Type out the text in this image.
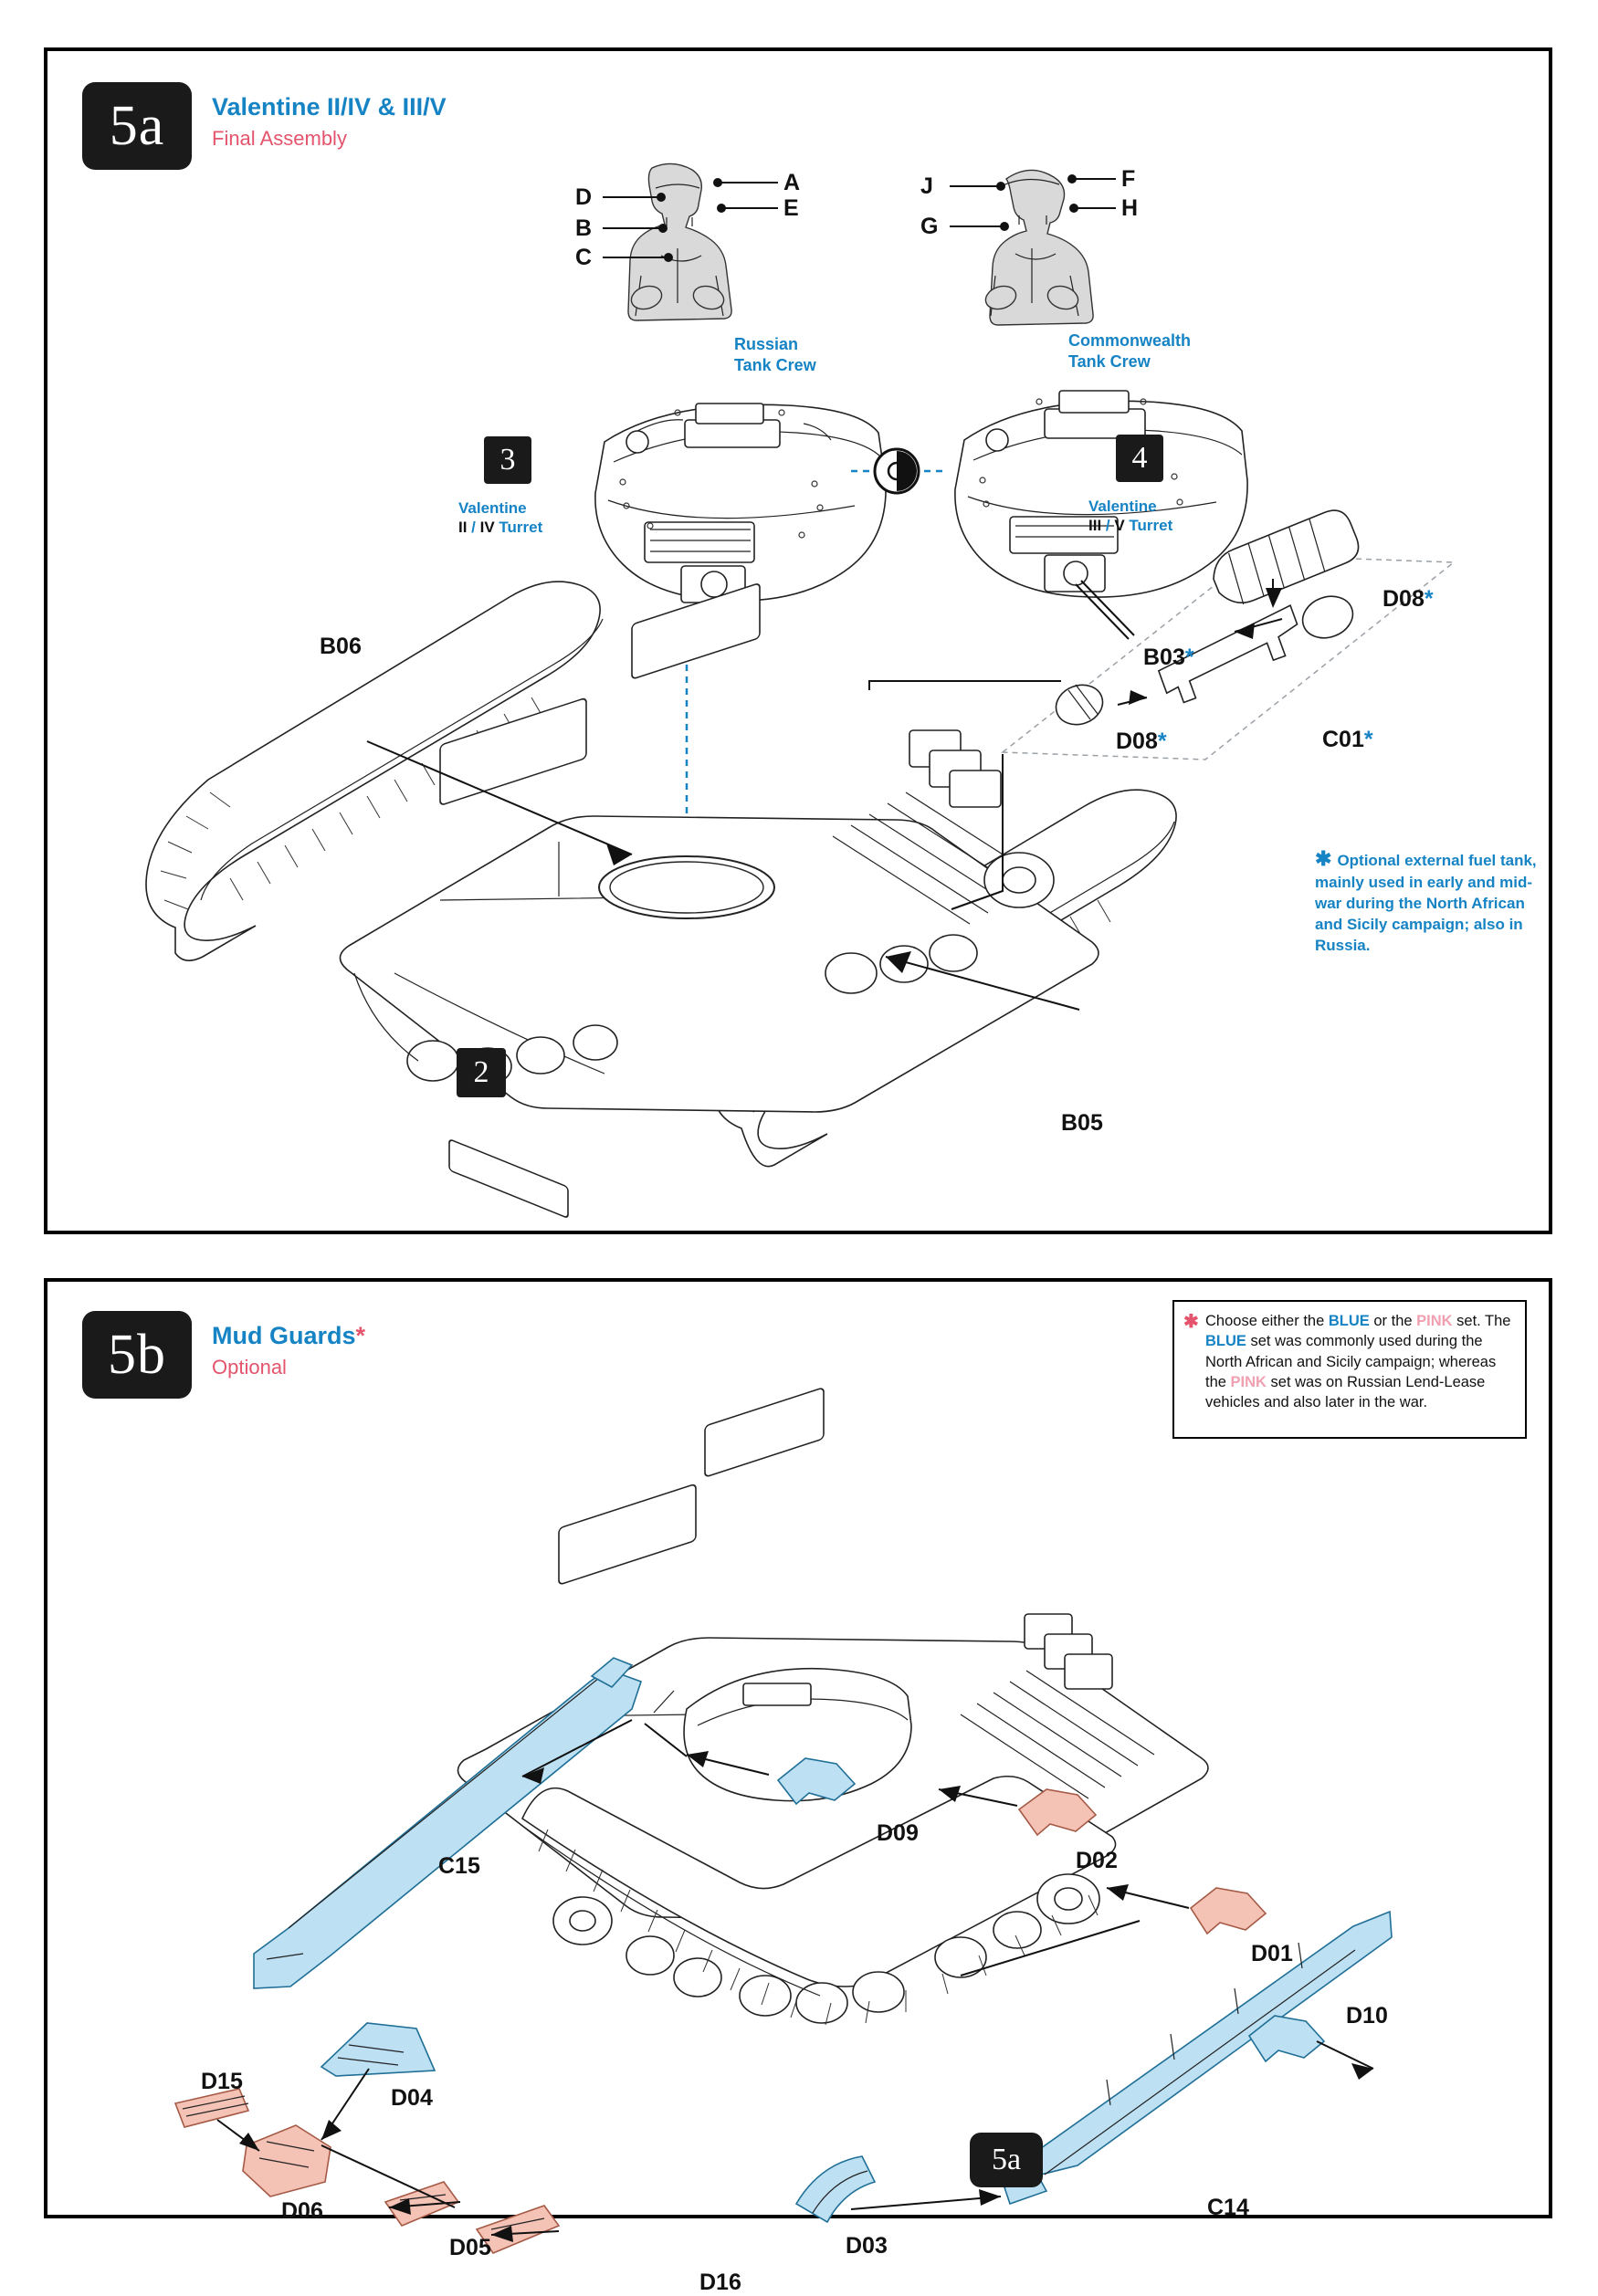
5a	Valentine II/IV & III/V
Final Assembly
A
E
D
B
C
F
H
J
G
Russian
Tank Crew
Commonwealth
Tank Crew
3
Valentine
II / IV Turret
4
Valentine
III / V Turret
2
B06
B05
B03*
C01*
D08*
D08*
✱ Optional external fuel tank, mainly used in early and mid-war during the North African and Sicily campaign; also in Russia.
5b	Mud Guards*
Optional
✱ Choose either the BLUE or the PINK set. The BLUE set was commonly used during the North African and Sicily campaign; whereas the PINK set was on Russian Lend-Lease vehicles and also later in the war.
C15
D09
D02
D01
D10
D04
D15
D06
D05
D16
D03
C14
5a
